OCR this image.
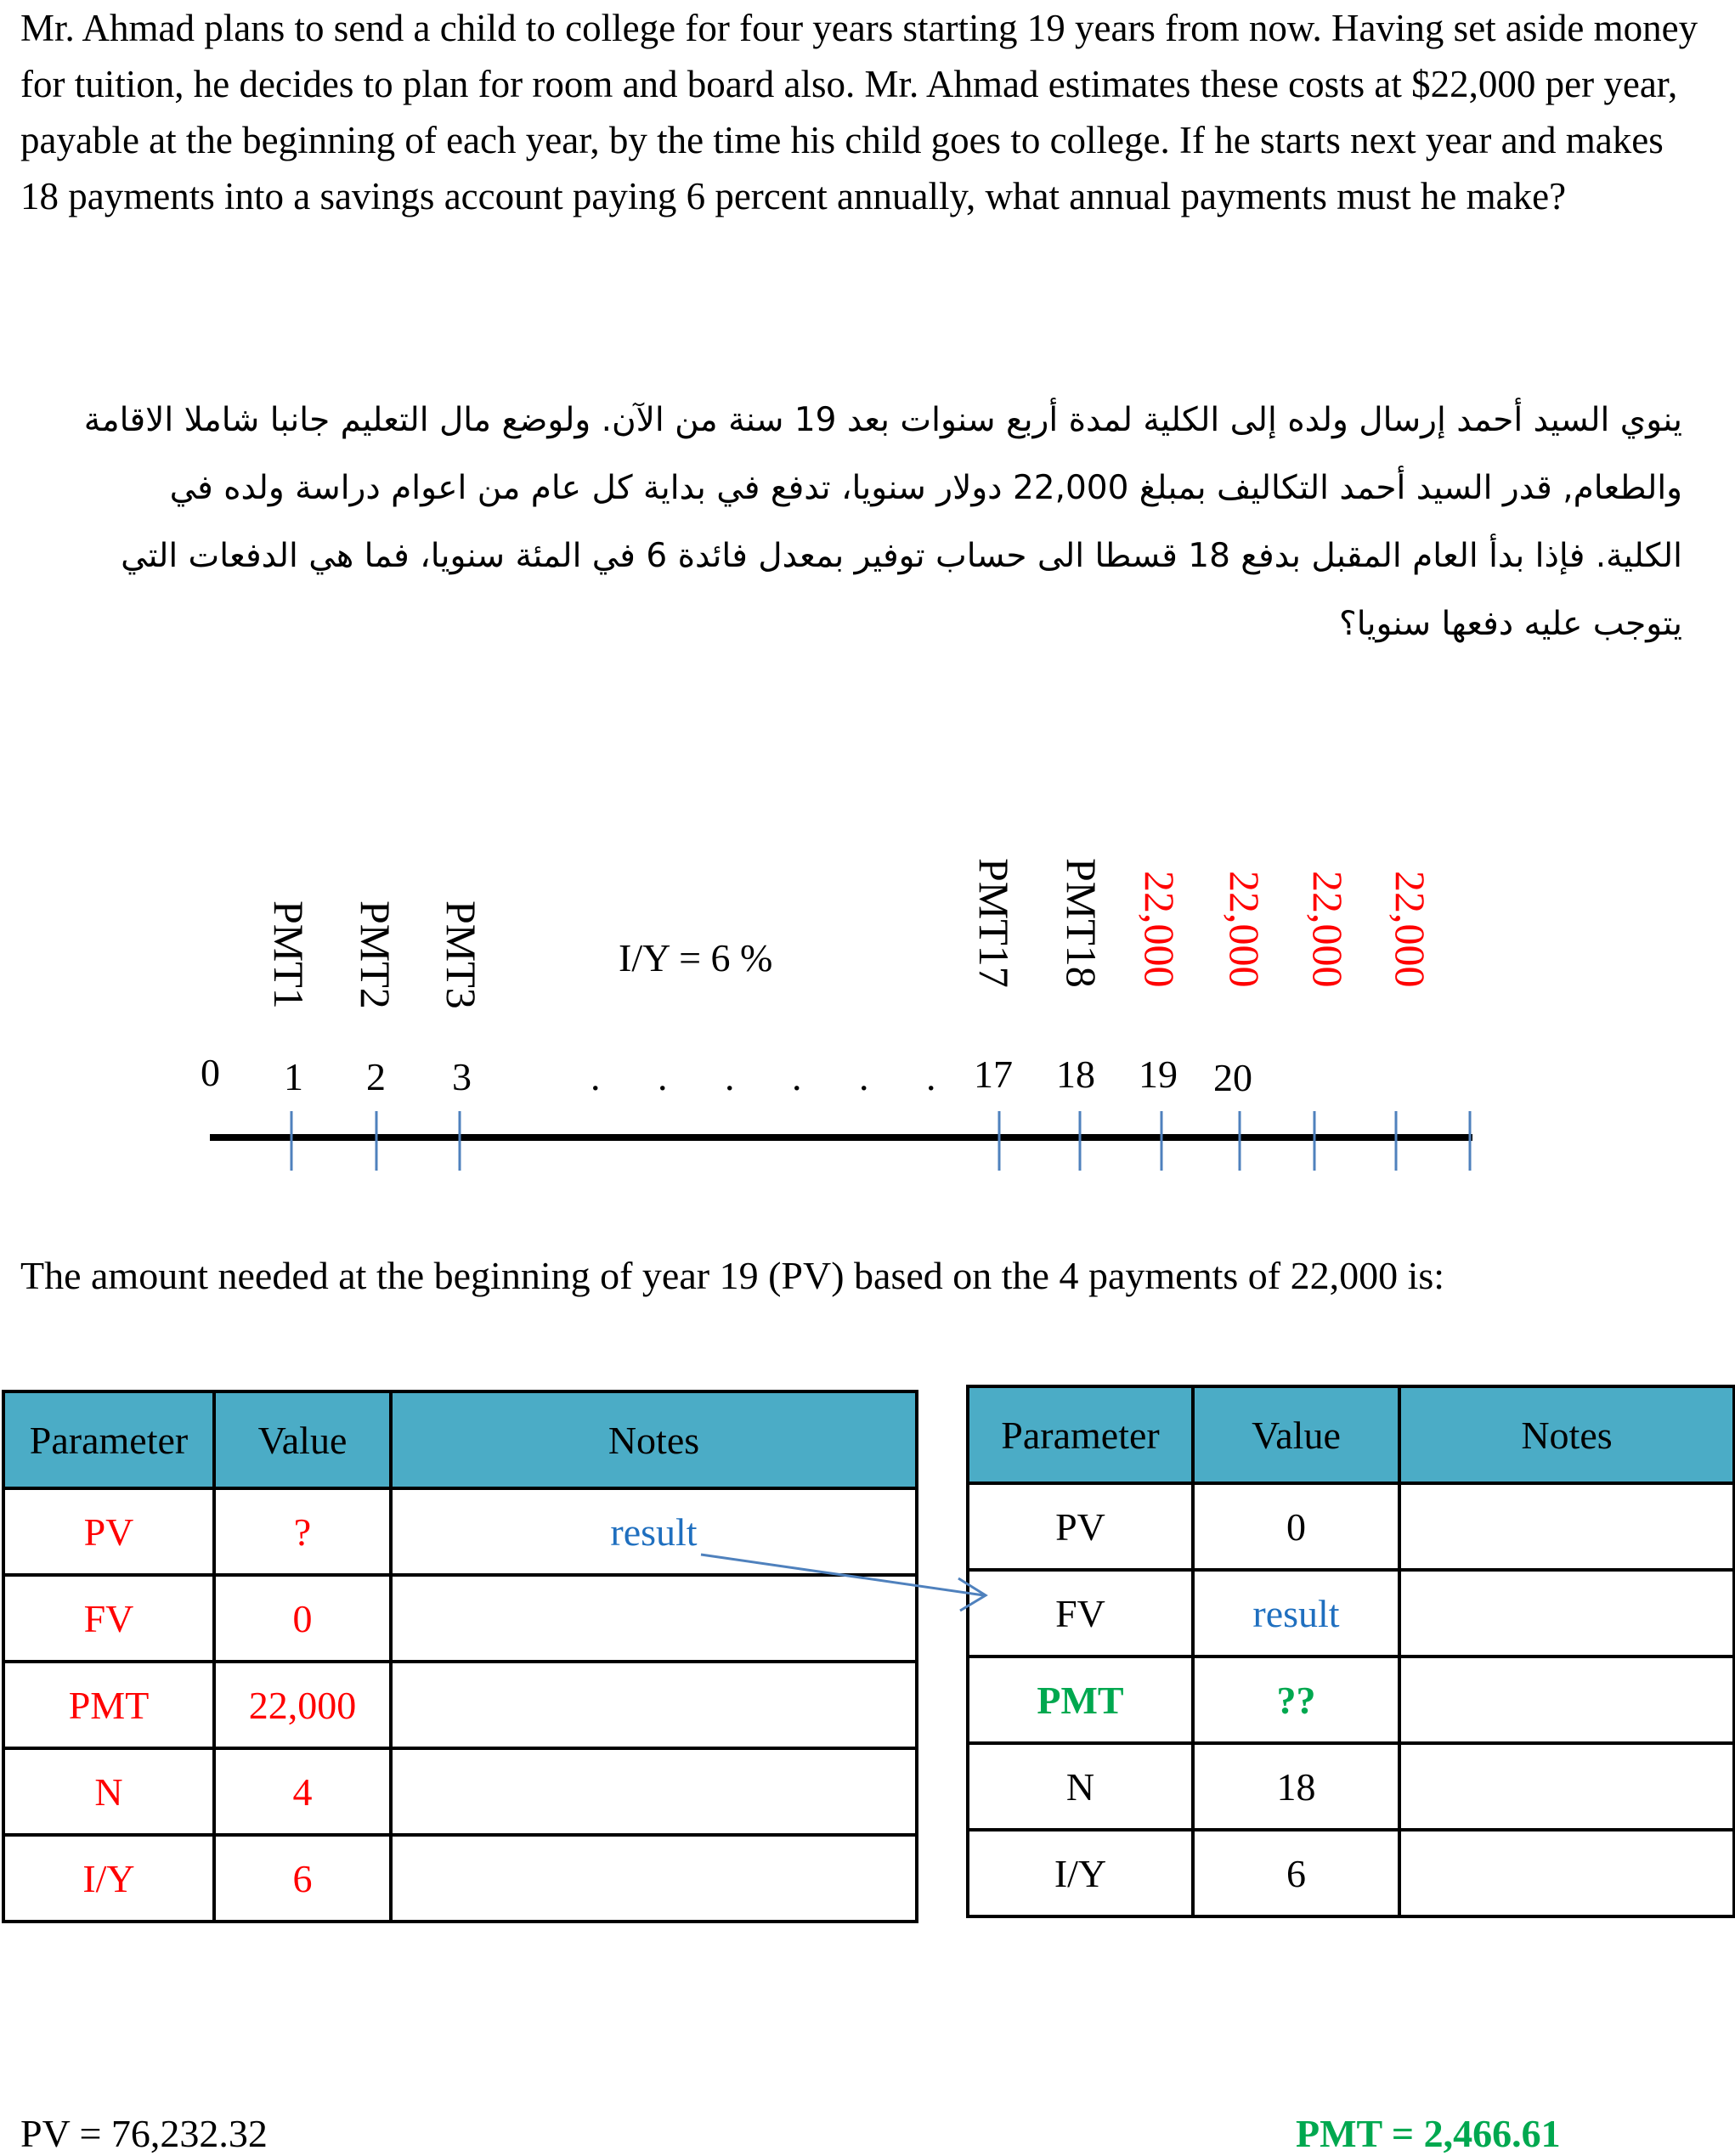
Mr. Ahmad plans to send a child to college for four years starting 19 years from now. Having set aside money for tuition, he decides to plan for room and board also. Mr. Ahmad estimates these costs at $22,000 per year, payable at the beginning of each year, by the time his child goes to college. If he starts next year and makes 18 payments into a savings account paying 6 percent annually, what annual payments must he make?

ينوي السيد أحمد إرسال ولده إلى الكلية لمدة أربع سنوات بعد 19 سنة من الآن. ولوضع مال التعليم جانبا شاملا الاقامة والطعام, قدر السيد أحمد التكاليف بمبلغ 22,000 دولار سنويا، تدفع في بداية كل عام من اعوام دراسة ولده في الكلية. فإذا بدأ العام المقبل بدفع 18 قسطا الى حساب توفير بمعدل فائدة 6 في المئة سنويا، فما هي الدفعات التي يتوجب عليه دفعها سنويا؟

PMT1 PMT2 PMT3	PMT17 PMT18 22,000 22,000 22,000 22,000
I/Y = 6 %
0 1 2 3	. . . . . . 17 18 19 20

The amount needed at the beginning of year 19 (PV) based on the 4 payments of 22,000 is:

Parameter	Value	Notes
PV	?	result
FV	0	
PMT	22,000	
N	4	
I/Y	6	
Parameter	Value	Notes
PV	0	
FV	result	
PMT	??	
N	18	
I/Y	6	
PV = 76,232.32	PMT = 2,466.61
